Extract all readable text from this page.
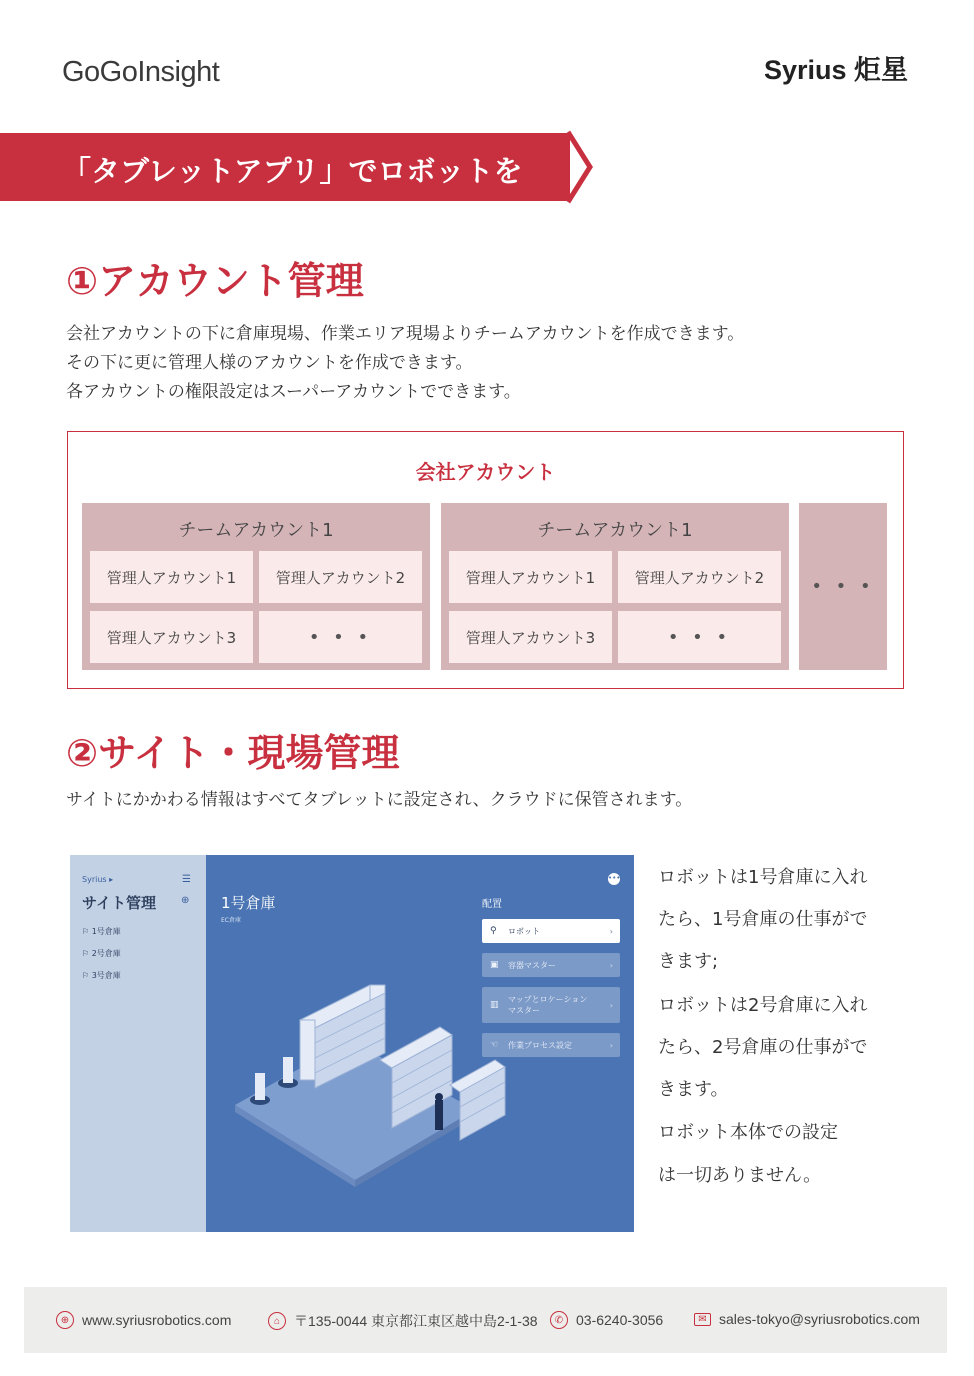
GoGoInsight	Syrius 炬星
「タブレットアプリ」でロボットを
①アカウント管理
会社アカウントの下に倉庫現場、作業エリア現場よりチームアカウントを作成できます。
その下に更に管理人様のアカウントを作成できます。
各アカウントの権限設定はスーパーアカウントでできます。
会社アカウント
チームアカウント1
管理人アカウント1	管理人アカウント2
管理人アカウント3	• • •
チームアカウント1
管理人アカウント1	管理人アカウント2
管理人アカウント3	• • •
• • •
②サイト・現場管理
サイトにかかわる情報はすべてタブレットに設定され、クラウドに保管されます。
Syrius ▸
サイト管理
☰
⊕
⚐ 1号倉庫
⚐ 2号倉庫
⚐ 3号倉庫
1号倉庫
EC倉庫
•••
配置
⚲	ロボット	›
▣	容器マスター	›
▥
マップとロケーション
マスター
›
☜	作業プロセス設定	›
ロボットは1号倉庫に入れ
たら、1号倉庫の仕事がで
きます;
ロボットは2号倉庫に入れ
たら、2号倉庫の仕事がで
きます。
ロボット本体での設定
は一切ありません。
⊕ www.syriusrobotics.com	⌂ 〒135-0044 東京都江東区越中島2-1-38	✆ 03-6240-3056	✉ sales-tokyo@syriusrobotics.com
